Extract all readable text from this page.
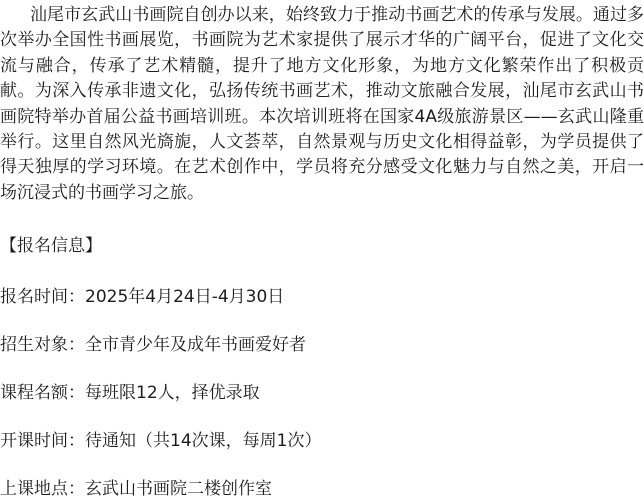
汕尾市玄武山书画院自创办以来，始终致力于推动书画艺术的传承与发展。通过多次举办全国性书画展览，书画院为艺术家提供了展示才华的广阔平台，促进了文化交流与融合，传承了艺术精髓，提升了地方文化形象，为地方文化繁荣作出了积极贡献。为深入传承非遗文化，弘扬传统书画艺术，推动文旅融合发展，汕尾市玄武山书画院特举办首届公益书画培训班。本次培训班将在国家4A级旅游景区——玄武山隆重举行。这里自然风光旖旎，人文荟萃，自然景观与历史文化相得益彰，为学员提供了得天独厚的学习环境。在艺术创作中，学员将充分感受文化魅力与自然之美，开启一场沉浸式的书画学习之旅。

【报名信息】

报名时间：2025年4月24日-4月30日

招生对象：全市青少年及成年书画爱好者

课程名额：每班限12人，择优录取

开课时间：待通知（共14次课，每周1次）

上课地点：玄武山书画院二楼创作室
